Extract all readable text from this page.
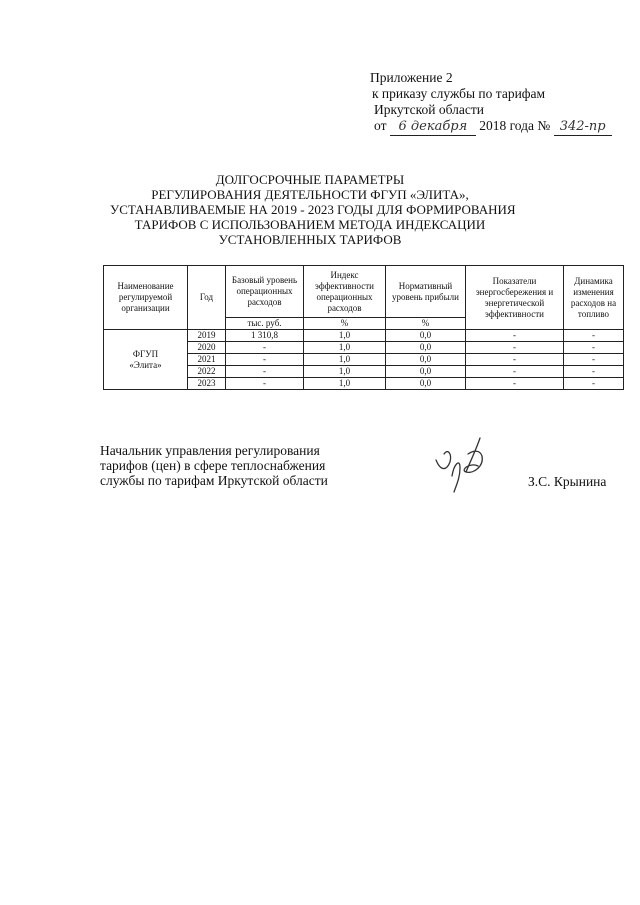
Приложение 2
к приказу службы по тарифам
Иркутской области
от 6 декабря 2018 года № 342-пр
ДОЛГОСРОЧНЫЕ ПАРАМЕТРЫ
РЕГУЛИРОВАНИЯ ДЕЯТЕЛЬНОСТИ ФГУП «ЭЛИТА»,
УСТАНАВЛИВАЕМЫЕ НА 2019 - 2023 ГОДЫ ДЛЯ ФОРМИРОВАНИЯ
ТАРИФОВ С ИСПОЛЬЗОВАНИЕМ МЕТОДА ИНДЕКСАЦИИ
УСТАНОВЛЕННЫХ ТАРИФОВ
Наименование регулируемой организации	Год	Базовый уровень операционных расходов	Индекс эффективности операционных расходов	Нормативный уровень прибыли	Показатели энергосбережения и энергетической эффективности	Динамика изменения расходов на топливо
		тыс. руб.	%	%		

ФГУП
«Элита»	2019	1 310,8	1,0	0,0	-	-
	2020	-	1,0	0,0	-	-
	2021	-	1,0	0,0	-	-
	2022	-	1,0	0,0	-	-
	2023	-	1,0	0,0	-	-
Начальник управления регулирования
тарифов (цен) в сфере теплоснабжения
службы по тарифам Иркутской области	З.С. Крынина
